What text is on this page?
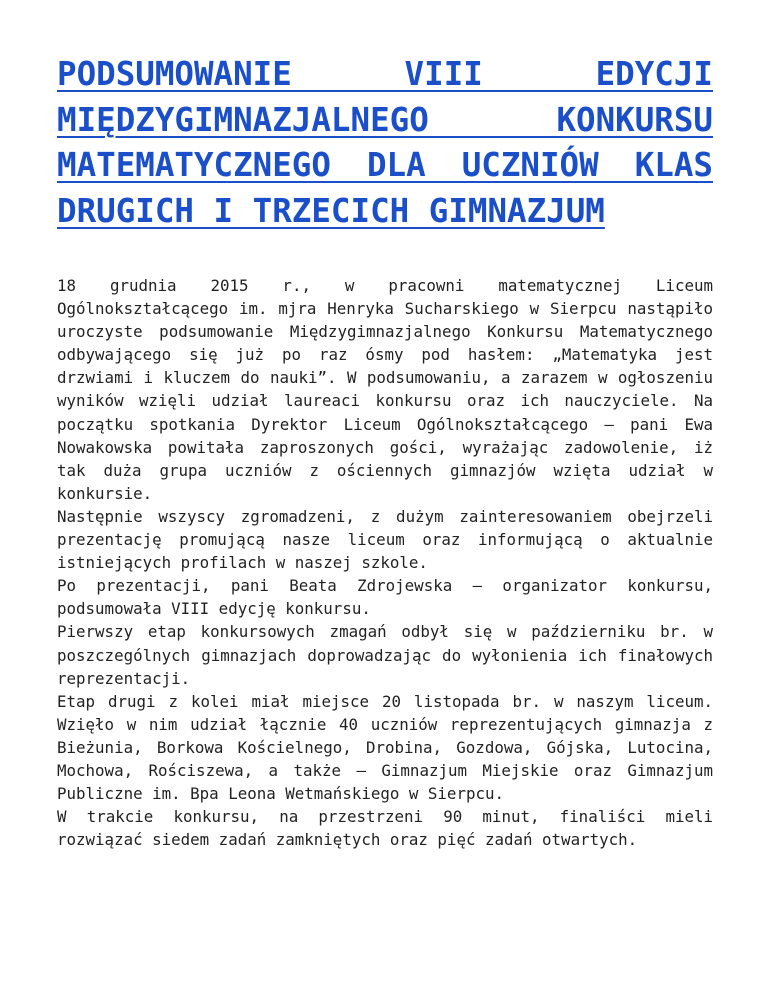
PODSUMOWANIE VIII EDYCJI MIĘDZYGIMNAZJALNEGO KONKURSU MATEMATYCZNEGO DLA UCZNIÓW KLAS DRUGICH I TRZECICH GIMNAZJUM

18 grudnia 2015 r., w pracowni matematycznej Liceum Ogólnokształcącego im. mjra Henryka Sucharskiego w Sierpcu nastąpiło uroczyste podsumowanie Międzygimnazjalnego Konkursu Matematycznego odbywającego się już po raz ósmy pod hasłem: „Matematyka jest drzwiami i kluczem do nauki”. W podsumowaniu, a zarazem w ogłoszeniu wyników wzięli udział laureaci konkursu oraz ich nauczyciele. Na początku spotkania Dyrektor Liceum Ogólnokształcącego – pani Ewa Nowakowska powitała zaproszonych gości, wyrażając zadowolenie, iż tak duża grupa uczniów z ościennych gimnazjów wzięta udział w konkursie.

Następnie wszyscy zgromadzeni, z dużym zainteresowaniem obejrzeli prezentację promującą nasze liceum oraz informującą o aktualnie istniejących profilach w naszej szkole.

Po prezentacji, pani Beata Zdrojewska – organizator konkursu, podsumowała VIII edycję konkursu.

Pierwszy etap konkursowych zmagań odbył się w październiku br. w poszczególnych gimnazjach doprowadzając do wyłonienia ich finałowych reprezentacji.

Etap drugi z kolei miał miejsce 20 listopada br. w naszym liceum. Wzięło w nim udział łącznie 40 uczniów reprezentujących gimnazja z Bieżunia, Borkowa Kościelnego, Drobina, Gozdowa, Gójska, Lutocina, Mochowa, Rościszewa, a także – Gimnazjum Miejskie oraz Gimnazjum Publiczne im. Bpa Leona Wetmańskiego w Sierpcu.

W trakcie konkursu, na przestrzeni 90 minut, finaliści mieli rozwiązać siedem zadań zamkniętych oraz pięć zadań otwartych.
